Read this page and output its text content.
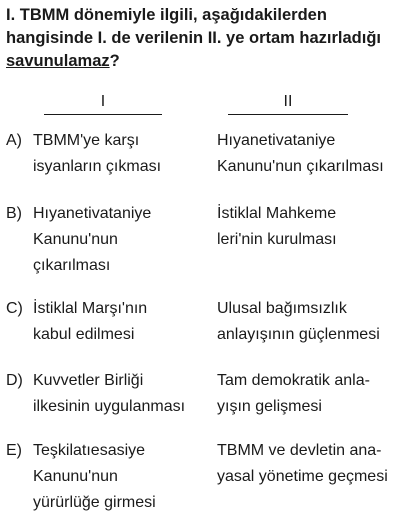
I. TBMM dönemiyle ilgili, aşağıdakilerden hangisinde I. de verilenin II. ye ortam hazırladığı savunulamaz?

I	II
A) TBMM'ye karşı
isyanların çıkması
Hıyanetivataniye
Kanunu'nun çıkarılması
B) Hıyanetivataniye
Kanunu'nun
çıkarılması
İstiklal Mahkeme
leri'nin kurulması
C) İstiklal Marşı'nın
kabul edilmesi
Ulusal bağımsızlık
anlayışının güçlenmesi
D) Kuvvetler Birliği
ilkesinin uygulanması
Tam demokratik anla-
yışın gelişmesi
E) Teşkilatıesasiye
Kanunu'nun
yürürlüğe girmesi
TBMM ve devletin ana-
yasal yönetime geçmesi
